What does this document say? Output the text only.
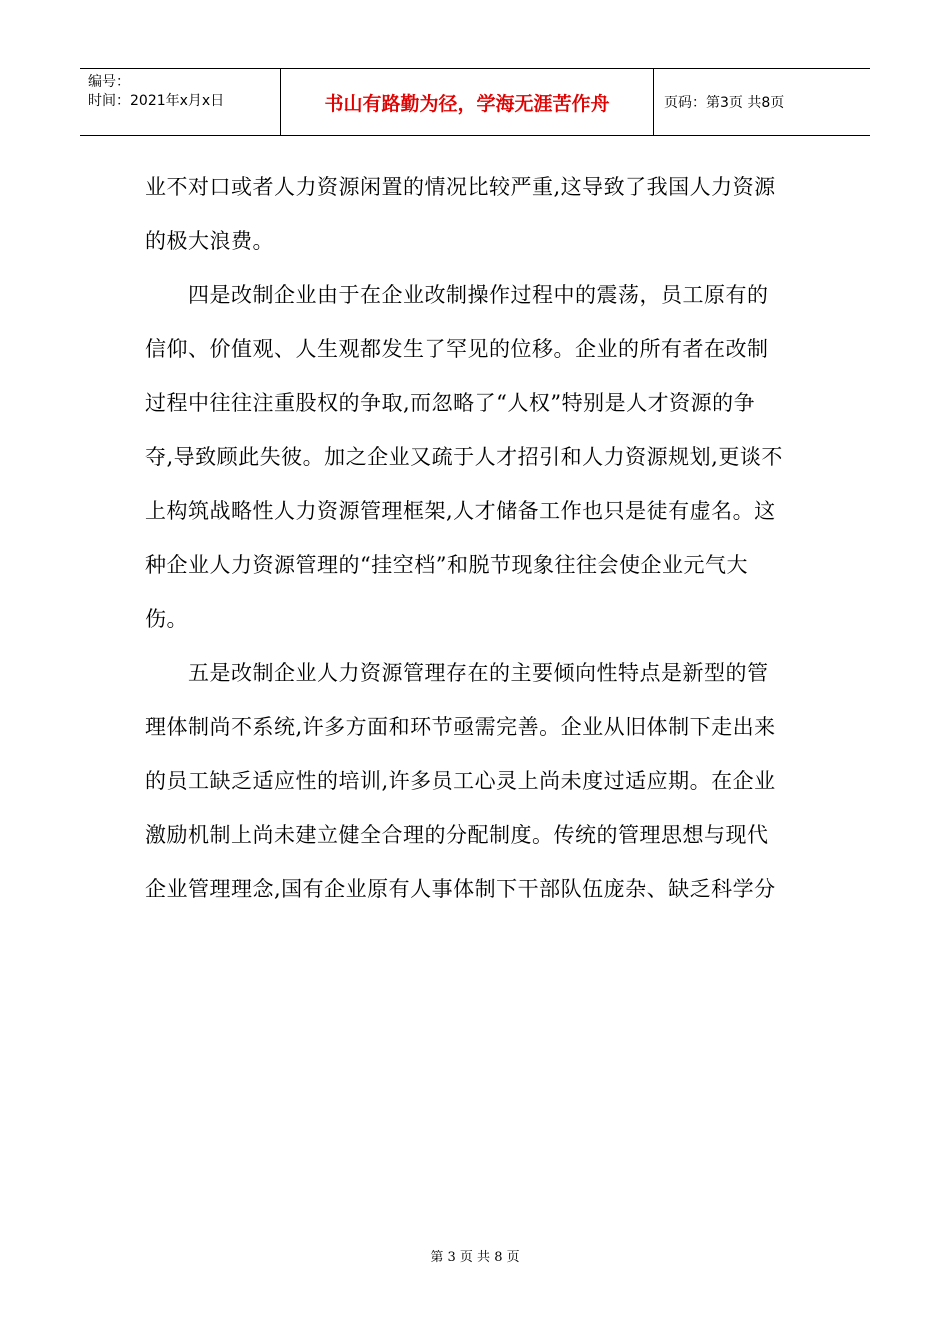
编号：
时间：2021年x月x日	书山有路勤为径，学海无涯苦作舟	页码：第3页 共8页
业不对口或者人力资源闲置的情况比较严重,这导致了我国人力资源
的极大浪费。
　　四是改制企业由于在企业改制操作过程中的震荡，员工原有的
信仰、价值观、人生观都发生了罕见的位移。企业的所有者在改制
过程中往往注重股权的争取,而忽略了“人权”特别是人才资源的争
夺,导致顾此失彼。加之企业又疏于人才招引和人力资源规划,更谈不
上构筑战略性人力资源管理框架,人才储备工作也只是徒有虚名。这
种企业人力资源管理的“挂空档”和脱节现象往往会使企业元气大
伤。
　　五是改制企业人力资源管理存在的主要倾向性特点是新型的管
理体制尚不系统,许多方面和环节亟需完善。企业从旧体制下走出来
的员工缺乏适应性的培训,许多员工心灵上尚未度过适应期。在企业
激励机制上尚未建立健全合理的分配制度。传统的管理思想与现代
企业管理理念,国有企业原有人事体制下干部队伍庞杂、缺乏科学分
第 3 页 共 8 页
